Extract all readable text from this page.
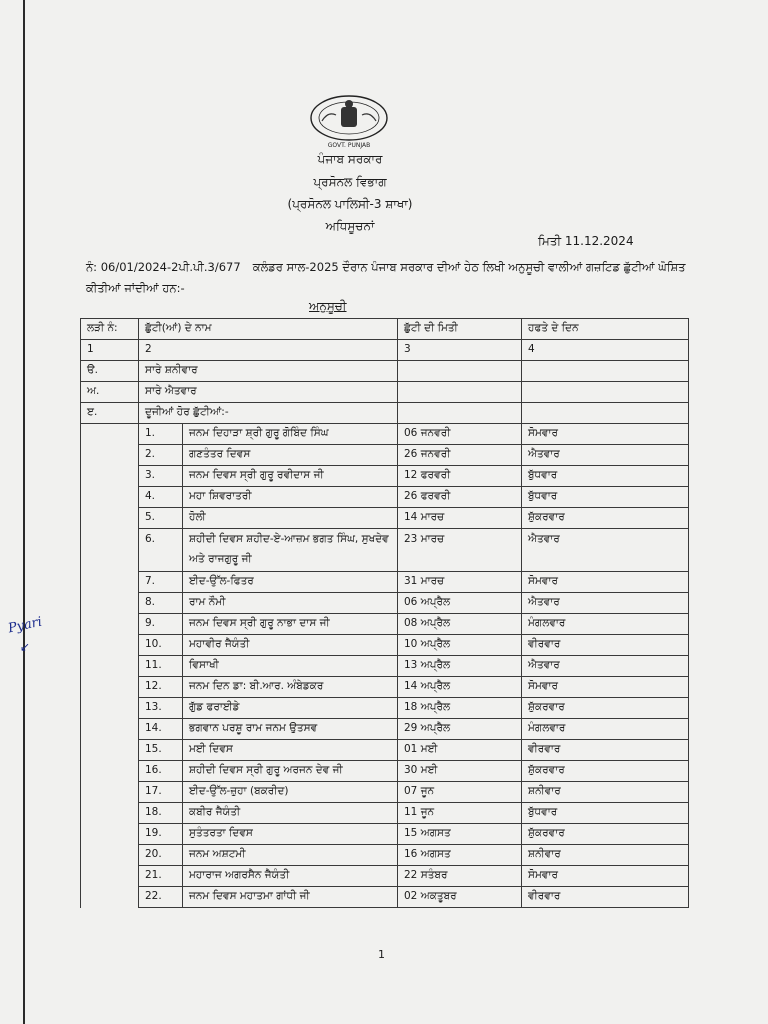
GOVT. PUNJAB
ਪੰਜਾਬ ਸਰਕਾਰ
ਪ੍ਰਸੋਨਲ ਵਿਭਾਗ
(ਪ੍ਰਸੋਨਲ ਪਾਲਿਸੀ-3 ਸ਼ਾਖਾ)
ਅਧਿਸੂਚਨਾਂ
ਮਿਤੀ 11.12.2024
ਨੰ: 06/01/2024-2ਪੀ.ਪੀ.3/677 ਕਲੰਡਰ ਸਾਲ-2025 ਦੌਰਾਨ ਪੰਜਾਬ ਸਰਕਾਰ ਦੀਆਂ ਹੇਠ ਲਿਖੀ ਅਨੁਸੂਚੀ ਵਾਲੀਆਂ ਗਜ਼ਟਿਡ ਛੁੱਟੀਆਂ ਘੋਸ਼ਿਤ ਕੀਤੀਆਂ ਜਾਂਦੀਆਂ ਹਨ:-
ਅਨੁਸੂਚੀ
ਲੜੀ ਨੰ:	ਛੁੱਟੀ(ਆਂ) ਦੇ ਨਾਮ		ਛੁੱਟੀ ਦੀ ਮਿਤੀ	ਹਫਤੇ ਦੇ ਦਿਨ
1	2		3	4
ੳ.	ਸਾਰੇ ਸ਼ਨੀਵਾਰ			
ਅ.	ਸਾਰੇ ਐਤਵਾਰ			
ੲ.	ਦੂਜੀਆਂ ਹੋਰ ਛੁੱਟੀਆਂ:-			
	1.	ਜਨਮ ਦਿਹਾੜਾ ਸ਼੍ਰੀ ਗੁਰੂ ਗੋਬਿੰਦ ਸਿੰਘ	06 ਜਨਵਰੀ	ਸੋਮਵਾਰ
	2.	ਗਣਤੰਤਰ ਦਿਵਸ	26 ਜਨਵਰੀ	ਐਤਵਾਰ
	3.	ਜਨਮ ਦਿਵਸ ਸ੍ਰੀ ਗੁਰੂ ਰਵੀਦਾਸ ਜੀ	12 ਫਰਵਰੀ	ਬੁੱਧਵਾਰ
	4.	ਮਹਾ ਸ਼ਿਵਰਾਤਰੀ	26 ਫਰਵਰੀ	ਬੁੱਧਵਾਰ
	5.	ਹੋਲੀ	14 ਮਾਰਚ	ਸ਼ੁੱਕਰਵਾਰ
	6.	ਸ਼ਹੀਦੀ ਦਿਵਸ ਸ਼ਹੀਦ-ਏ-ਆਜ਼ਮ ਭਗਤ ਸਿੰਘ, ਸੁਖਦੇਵ ਅਤੇ ਰਾਜਗੁਰੂ ਜੀ	23 ਮਾਰਚ	ਐਤਵਾਰ
	7.	ਈਦ-ਉੱਲ-ਫਿਤਰ	31 ਮਾਰਚ	ਸੋਮਵਾਰ
	8.	ਰਾਮ ਨੌਮੀ	06 ਅਪ੍ਰੈਲ	ਐਤਵਾਰ
	9.	ਜਨਮ ਦਿਵਸ ਸ੍ਰੀ ਗੁਰੂ ਨਾਭਾ ਦਾਸ ਜੀ	08 ਅਪ੍ਰੈਲ	ਮੰਗਲਵਾਰ
	10.	ਮਹਾਵੀਰ ਜੈਯੰਤੀ	10 ਅਪ੍ਰੈਲ	ਵੀਰਵਾਰ
	11.	ਵਿਸਾਖੀ	13 ਅਪ੍ਰੈਲ	ਐਤਵਾਰ
	12.	ਜਨਮ ਦਿਨ ਡਾ: ਬੀ.ਆਰ. ਅੰਬੇਡਕਰ	14 ਅਪ੍ਰੈਲ	ਸੋਮਵਾਰ
	13.	ਗੁੱਡ ਫਰਾਈਡੇ	18 ਅਪ੍ਰੈਲ	ਸ਼ੁੱਕਰਵਾਰ
	14.	ਭਗਵਾਨ ਪਰਸ਼ੂ ਰਾਮ ਜਨਮ ਉਤਸਵ	29 ਅਪ੍ਰੈਲ	ਮੰਗਲਵਾਰ
	15.	ਮਈ ਦਿਵਸ	01 ਮਈ	ਵੀਰਵਾਰ
	16.	ਸ਼ਹੀਦੀ ਦਿਵਸ ਸ੍ਰੀ ਗੁਰੂ ਅਰਜਨ ਦੇਵ ਜੀ	30 ਮਈ	ਸ਼ੁੱਕਰਵਾਰ
	17.	ਈਦ-ਉੱਲ-ਜ਼ੁਹਾ (ਬਕਰੀਦ)	07 ਜੂਨ	ਸ਼ਨੀਵਾਰ
	18.	ਕਬੀਰ ਜੈਯੰਤੀ	11 ਜੂਨ	ਬੁੱਧਵਾਰ
	19.	ਸੁਤੰਤਰਤਾ ਦਿਵਸ	15 ਅਗਸਤ	ਸ਼ੁੱਕਰਵਾਰ
	20.	ਜਨਮ ਅਸ਼ਟਮੀ	16 ਅਗਸਤ	ਸ਼ਨੀਵਾਰ
	21.	ਮਹਾਰਾਜ ਅਗਰਸੈਨ ਜੈਯੰਤੀ	22 ਸਤੰਬਰ	ਸੋਮਵਾਰ
	22.	ਜਨਮ ਦਿਵਸ ਮਹਾਤਮਾ ਗਾਂਧੀ ਜੀ	02 ਅਕਤੂਬਰ	ਵੀਰਵਾਰ
Pyari
↙
1
